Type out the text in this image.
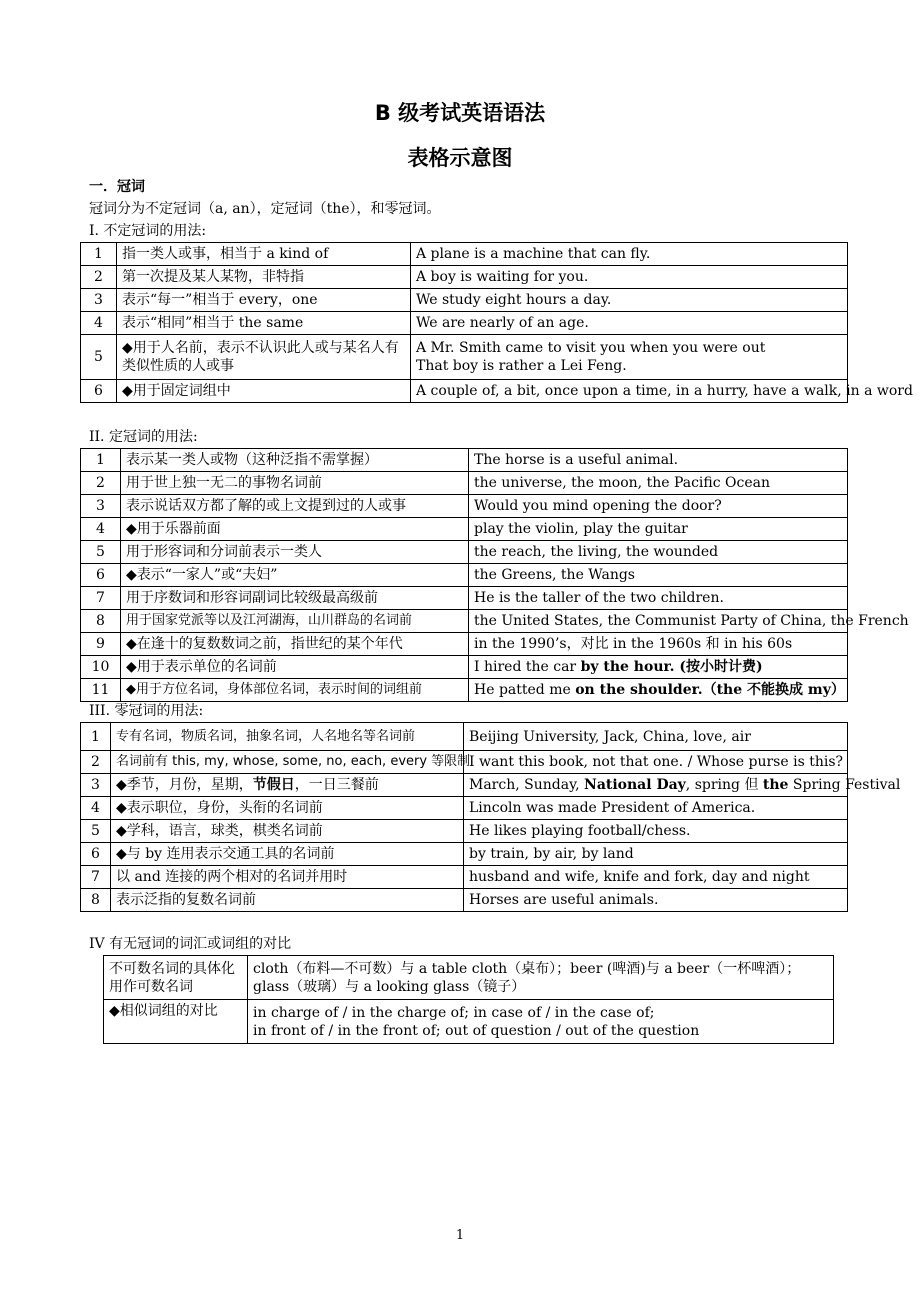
B 级考试英语语法
表格示意图
一．冠词
冠词分为不定冠词（a, an），定冠词（the），和零冠词。
I. 不定冠词的用法:
1	指一类人或事，相当于 a kind of	A plane is a machine that can fly.
2	第一次提及某人某物，非特指	A boy is waiting for you.
3	表示“每一”相当于 every，one	We study eight hours a day.
4	表示“相同”相当于 the same	We are nearly of an age.
5	◆用于人名前，表示不认识此人或与某名人有类似性质的人或事	A Mr. Smith came to visit you when you were out
That boy is rather a Lei Feng.

6	◆用于固定词组中	A couple of, a bit, once upon a time, in a hurry, have a walk, in a word
II. 定冠词的用法:
1	表示某一类人或物（这种泛指不需掌握）	The horse is a useful animal.
2	用于世上独一无二的事物名词前	the universe, the moon, the Pacific Ocean
3	表示说话双方都了解的或上文提到过的人或事	Would you mind opening the door?
4	◆用于乐器前面	play the violin, play the guitar
5	用于形容词和分词前表示一类人	the reach, the living, the wounded
6	◆表示“一家人”或“夫妇”	the Greens, the Wangs
7	用于序数词和形容词副词比较级最高级前	He is the taller of the two children.
8	用于国家党派等以及江河湖海，山川群岛的名词前	the United States, the Communist Party of China, the French
9	◆在逢十的复数数词之前，指世纪的某个年代	in the 1990’s，对比 in the 1960s 和 in his 60s
10	◆用于表示单位的名词前	I hired the car by the hour. (按小时计费)
11	◆用于方位名词，身体部位名词，表示时间的词组前	He patted me on the shoulder.（the 不能换成 my）
III. 零冠词的用法:
1	专有名词，物质名词，抽象名词，人名地名等名词前	Beijing University, Jack, China, love, air
2	名词前有 this, my, whose, some, no, each, every 等限制	I want this book, not that one. / Whose purse is this?
3	◆季节，月份，星期，节假日，一日三餐前	March, Sunday, National Day, spring 但 the Spring Festival
4	◆表示职位，身份，头衔的名词前	Lincoln was made President of America.
5	◆学科，语言，球类，棋类名词前	He likes playing football/chess.
6	◆与 by 连用表示交通工具的名词前	by train, by air, by land
7	以 and 连接的两个相对的名词并用时	husband and wife, knife and fork, day and night
8	表示泛指的复数名词前	Horses are useful animals.
IV 有无冠词的词汇或词组的对比
不可数名词的具体化用作可数名词	cloth（布料—不可数）与 a table cloth（桌布）；beer (啤酒)与 a beer（一杯啤酒）；glass（玻璃）与 a looking glass（镜子）
◆相似词组的对比	in charge of / in the charge of; in case of / in the case of;
in front of / in the front of; out of question / out of the question
1
